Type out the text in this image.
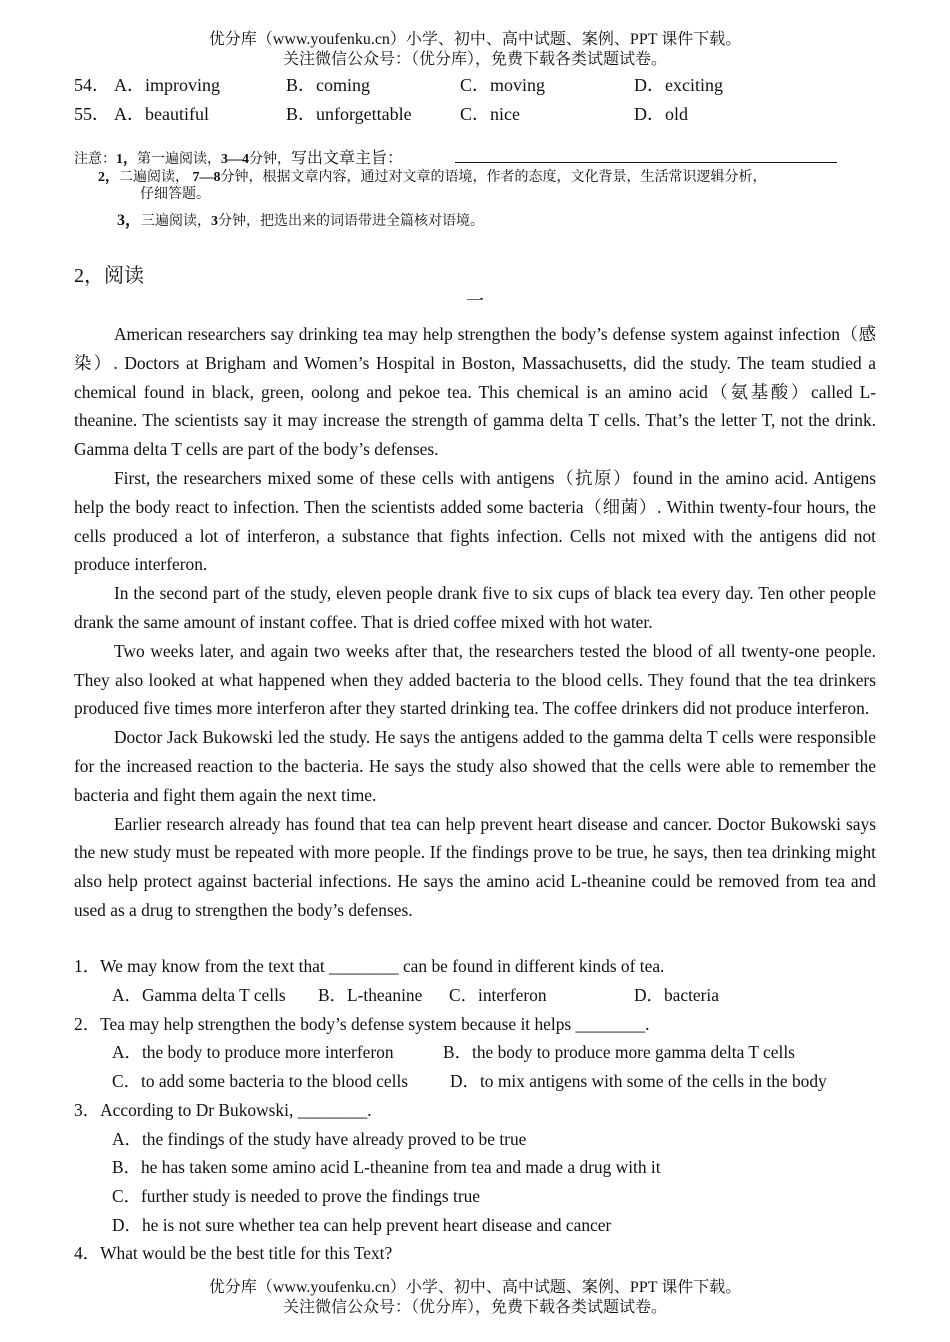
优分库（www.youfenku.cn）小学、初中、高中试题、案例、PPT 课件下载。
关注微信公众号：（优分库），免费下载各类试题试卷。
54． A．improving	B．coming	C．moving	D．exciting
55． A．beautiful	B．unforgettable	C．nice	D．old
注意：1，第一遍阅读，3—4分钟，写出文章主旨：
2，二遍阅读， 7—8分钟，根据文章内容，通过对文章的语境，作者的态度，文化背景，生活常识逻辑分析，
仔细答题。
3，三遍阅读，3分钟，把选出来的词语带进全篇核对语境。
2，阅读
一

American researchers say drinking tea may help strengthen the body’s defense system against infection（感染）. Doctors at Brigham and Women’s Hospital in Boston, Massachusetts, did the study. The team studied a chemical found in black, green, oolong and pekoe tea. This chemical is an amino acid（氨基酸）called L-theanine. The scientists say it may increase the strength of gamma delta T cells. That’s the letter T, not the drink. Gamma delta T cells are part of the body’s defenses.

First, the researchers mixed some of these cells with antigens（抗原）found in the amino acid. Antigens help the body react to infection. Then the scientists added some bacteria（细菌）. Within twenty-four hours, the cells produced a lot of interferon, a substance that fights infection. Cells not mixed with the antigens did not produce interferon.

In the second part of the study, eleven people drank five to six cups of black tea every day. Ten other people drank the same amount of instant coffee. That is dried coffee mixed with hot water.

Two weeks later, and again two weeks after that, the researchers tested the blood of all twenty-one people. They also looked at what happened when they added bacteria to the blood cells. They found that the tea drinkers produced five times more interferon after they started drinking tea. The coffee drinkers did not produce interferon.

Doctor Jack Bukowski led the study. He says the antigens added to the gamma delta T cells were responsible for the increased reaction to the bacteria. He says the study also showed that the cells were able to remember the bacteria and fight them again the next time.

Earlier research already has found that tea can help prevent heart disease and cancer. Doctor Bukowski says the new study must be repeated with more people. If the findings prove to be true, he says, then tea drinking might also help protect against bacterial infections. He says the amino acid L-theanine could be removed from tea and used as a drug to strengthen the body’s defenses.

1．We may know from the text that ________ can be found in different kinds of tea.
A．Gamma delta T cells B．L-theanine C．interferon	D．bacteria
2．Tea may help strengthen the body’s defense system because it helps ________.
A．the body to produce more interferon	B．the body to produce more gamma delta T cells
C．to add some bacteria to the blood cells D．to mix antigens with some of the cells in the body
3．According to Dr Bukowski, ________.
A．the findings of the study have already proved to be true
B．he has taken some amino acid L-theanine from tea and made a drug with it
C．further study is needed to prove the findings true
D．he is not sure whether tea can help prevent heart disease and cancer
4．What would be the best title for this Text?
优分库（www.youfenku.cn）小学、初中、高中试题、案例、PPT 课件下载。
关注微信公众号：（优分库），免费下载各类试题试卷。
